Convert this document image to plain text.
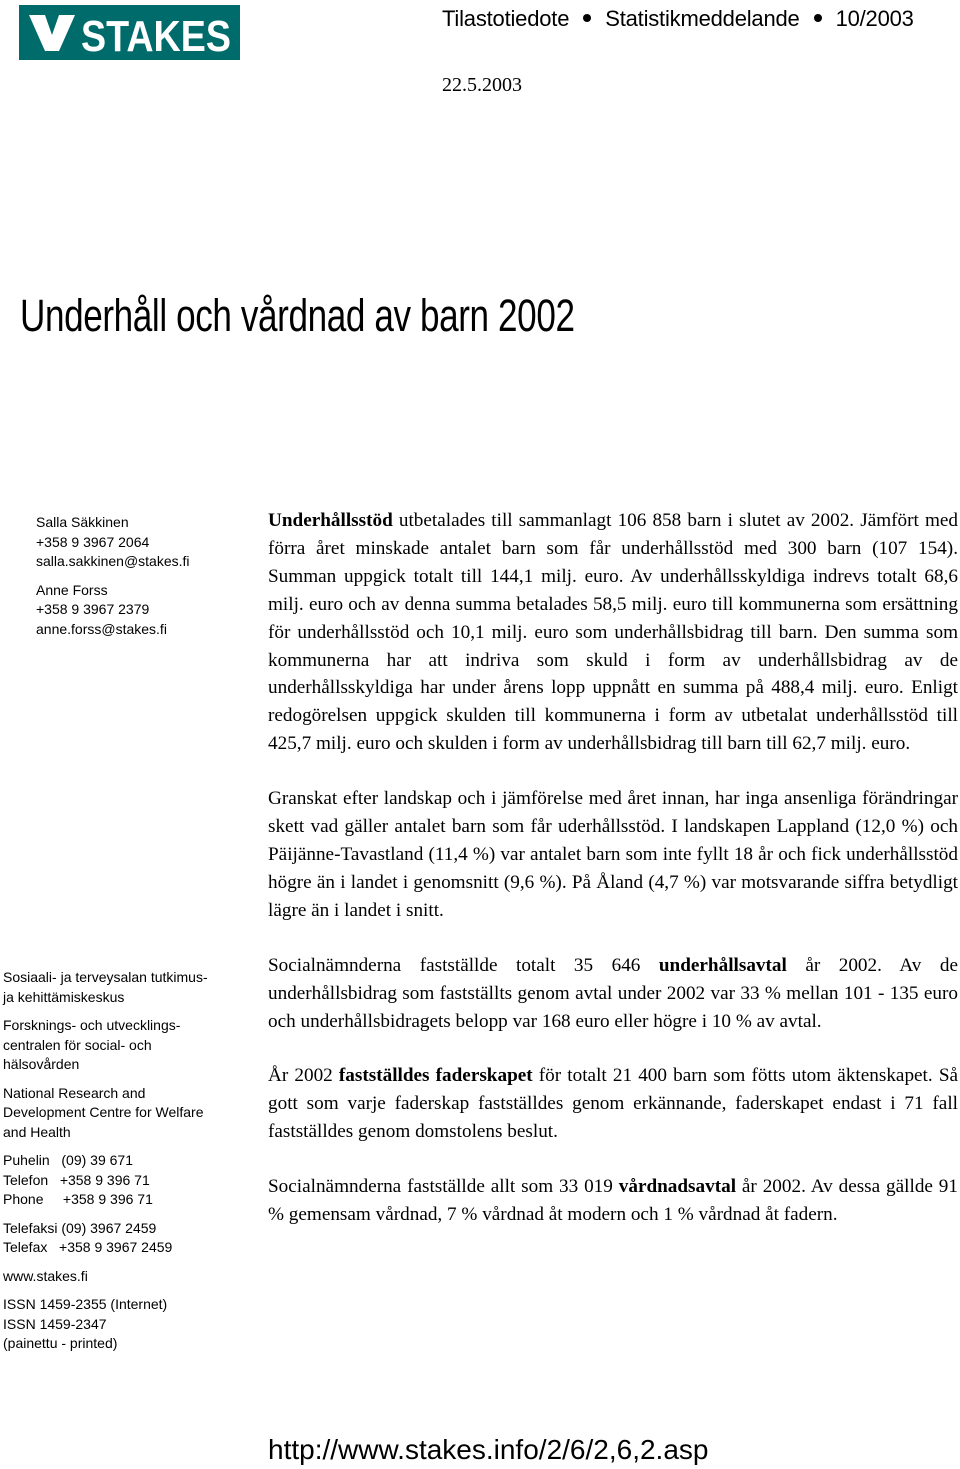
STAKES	Tilastotiedote Statistikmeddelande 10/2003
22.5.2003
Underhåll och vårdnad av barn 2002
Salla Säkkinen
+358 9 3967 2064
salla.sakkinen@stakes.fi
Anne Forss
+358 9 3967 2379
anne.forss@stakes.fi
Sosiaali- ja terveysalan tutkimus-
ja kehittämiskeskus
Forsknings- och utvecklings-
centralen för social- och
hälsovården
National Research and
Development Centre for Welfare
and Health
Puhelin   (09) 39 671
Telefon   +358 9 396 71
Phone     +358 9 396 71
Telefaksi (09) 3967 2459
Telefax   +358 9 3967 2459
www.stakes.fi
ISSN 1459-2355 (Internet)
ISSN 1459-2347
(painettu - printed)

Underhållsstöd utbetalades till sammanlagt 106 858 barn i slutet av 2002. Jämfört med förra året minskade antalet barn som får underhållsstöd med 300 barn (107 154). Summan uppgick totalt till 144,1 milj. euro. Av underhållsskyldiga indrevs totalt 68,6 milj. euro och av denna summa betalades 58,5 milj. euro till kommunerna som ersättning för underhållsstöd och 10,1 milj. euro som underhållsbidrag till barn. Den summa som kommunerna har att indriva som skuld i form av underhållsbidrag av de underhållsskyldiga har under årens lopp uppnått en summa på 488,4 milj. euro. Enligt redogörelsen uppgick skulden till kommunerna i form av utbetalat underhållsstöd till 425,7 milj. euro och skulden i form av underhållsbidrag till barn till 62,7 milj. euro.

Granskat efter landskap och i jämförelse med året innan, har inga ansenliga förändringar skett vad gäller antalet barn som får uderhållsstöd. I landskapen Lappland (12,0 %) och Päijänne-Tavastland (11,4 %) var antalet barn som inte fyllt 18 år och fick underhållsstöd högre än i landet i genomsnitt (9,6 %). På Åland (4,7 %) var motsvarande siffra betydligt lägre än i landet i snitt.

Socialnämnderna fastställde totalt 35 646 underhållsavtal år 2002. Av de underhållsbidrag som fastställts genom avtal under 2002 var 33 % mellan 101 - 135 euro och underhållsbidragets belopp var 168 euro eller högre i 10 % av avtal.

År 2002 fastställdes faderskapet för totalt 21 400 barn som fötts utom äktenskapet. Så gott som varje faderskap fastställdes genom erkännande, faderskapet endast i 71 fall fastställdes genom domstolens beslut.

Socialnämnderna fastställde allt som 33 019 vårdnadsavtal år 2002. Av dessa gällde 91 % gemensam vårdnad, 7 % vårdnad åt modern och 1 % vårdnad åt fadern.

http://www.stakes.info/2/6/2,6,2.asp
